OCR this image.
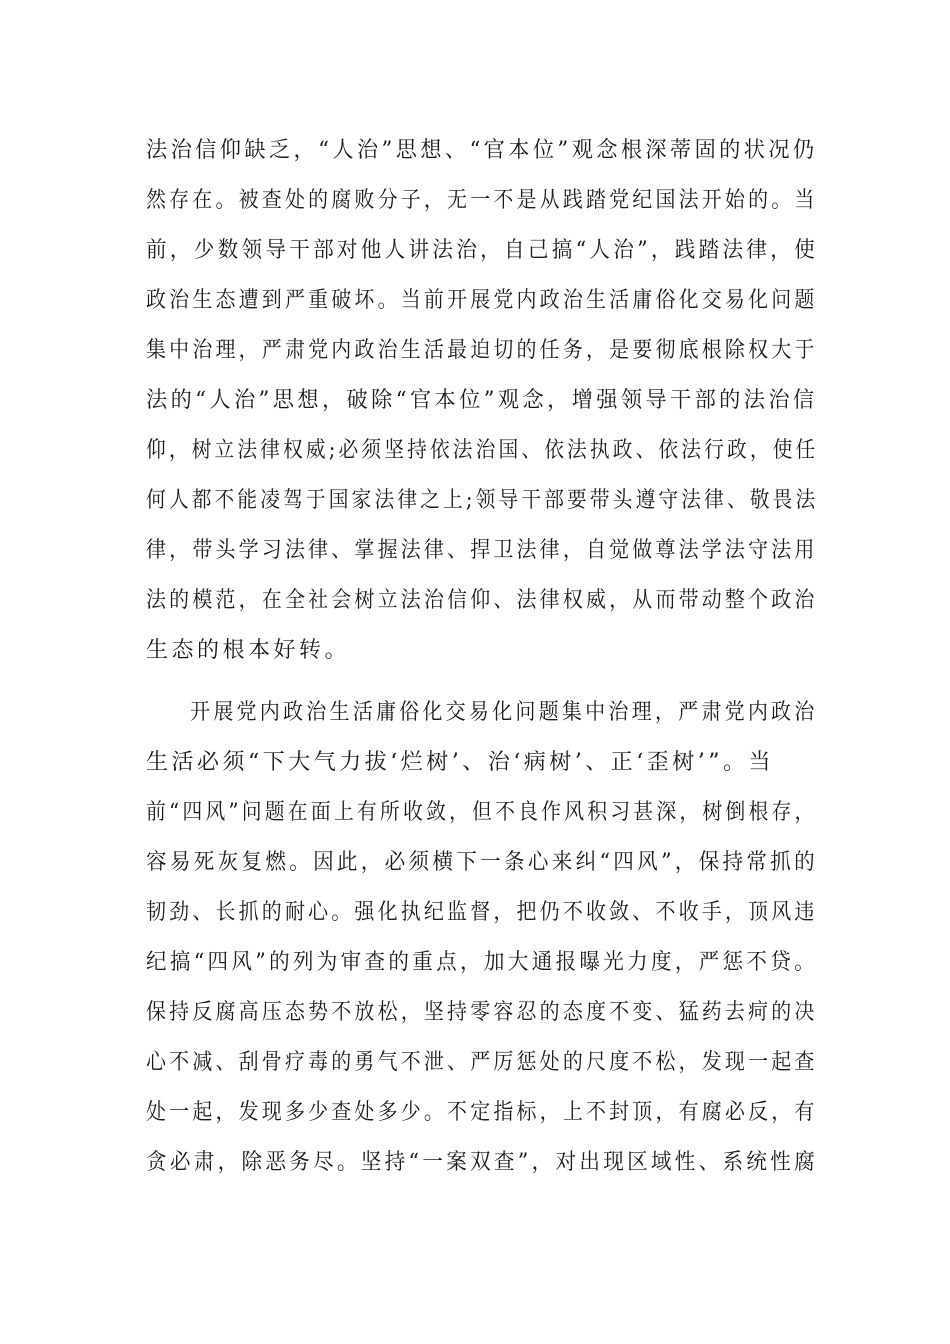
法治信仰缺乏，“人治”思想、“官本位”观念根深蒂固的状况仍
然存在。被查处的腐败分子，无一不是从践踏党纪国法开始的。当
前，少数领导干部对他人讲法治，自己搞“人治”，践踏法律，使
政治生态遭到严重破坏。当前开展党内政治生活庸俗化交易化问题
集中治理，严肃党内政治生活最迫切的任务，是要彻底根除权大于
法的“人治”思想，破除“官本位”观念，增强领导干部的法治信
仰，树立法律权威;必须坚持依法治国、依法执政、依法行政，使任
何人都不能凌驾于国家法律之上;领导干部要带头遵守法律、敬畏法
律，带头学习法律、掌握法律、捍卫法律，自觉做尊法学法守法用
法的模范，在全社会树立法治信仰、法律权威，从而带动整个政治
生态的根本好转。
开展党内政治生活庸俗化交易化问题集中治理，严肃党内政治
生活必须“下大气力拔‘烂树’、治‘病树’、正‘歪树’”。当
前“四风”问题在面上有所收敛，但不良作风积习甚深，树倒根存，
容易死灰复燃。因此，必须横下一条心来纠“四风”，保持常抓的
韧劲、长抓的耐心。强化执纪监督，把仍不收敛、不收手，顶风违
纪搞“四风”的列为审查的重点，加大通报曝光力度，严惩不贷。
保持反腐高压态势不放松，坚持零容忍的态度不变、猛药去疴的决
心不减、刮骨疗毒的勇气不泄、严厉惩处的尺度不松，发现一起查
处一起，发现多少查处多少。不定指标，上不封顶，有腐必反，有
贪必肃，除恶务尽。坚持“一案双查”，对出现区域性、系统性腐
